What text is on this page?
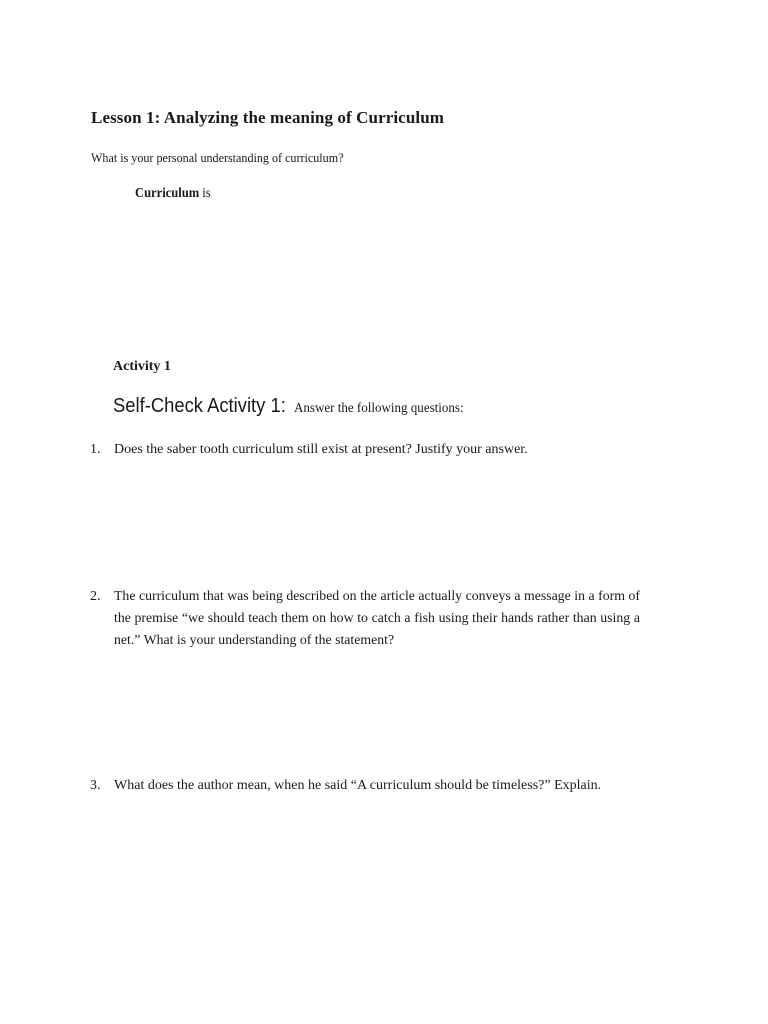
Lesson 1: Analyzing the meaning of Curriculum
What is your personal understanding of curriculum?
Curriculum is
Activity 1
Self-Check Activity 1: Answer the following questions:
1. Does the saber tooth curriculum still exist at present? Justify your answer.
2. The curriculum that was being described on the article actually conveys a message in a form of the premise “we should teach them on how to catch a fish using their hands rather than using a net.” What is your understanding of the statement?
3. What does the author mean, when he said “A curriculum should be timeless?” Explain.
